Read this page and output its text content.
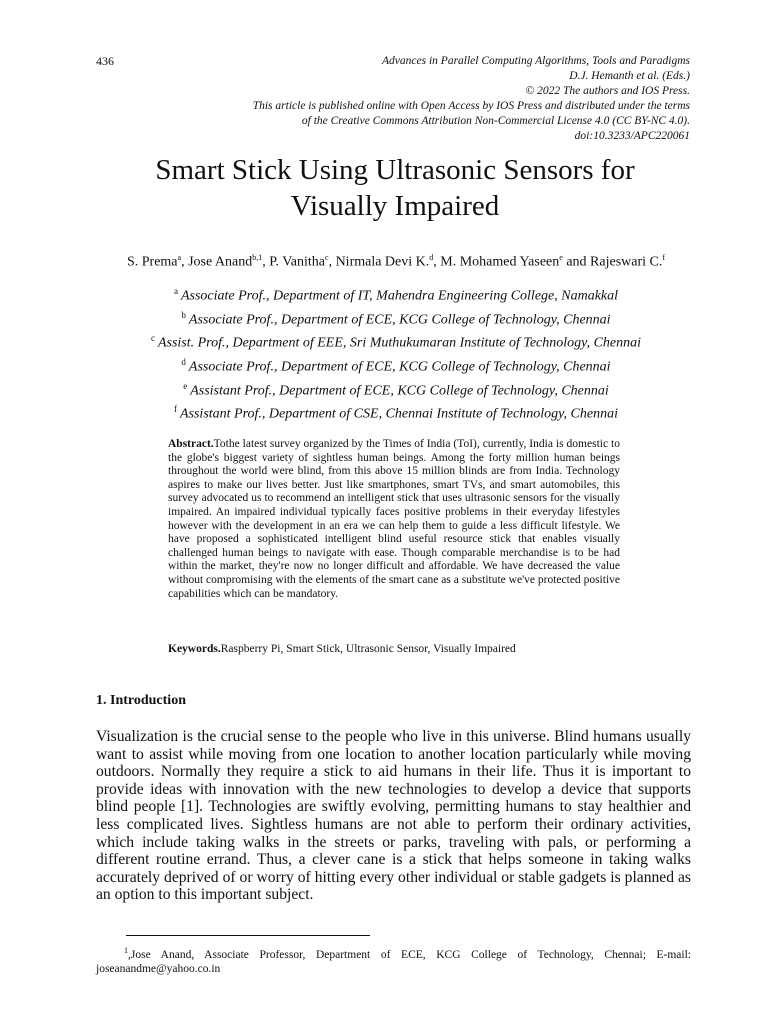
436	Advances in Parallel Computing Algorithms, Tools and Paradigms
D.J. Hemanth et al. (Eds.)
© 2022 The authors and IOS Press.
This article is published online with Open Access by IOS Press and distributed under the terms
of the Creative Commons Attribution Non-Commercial License 4.0 (CC BY-NC 4.0).
doi:10.3233/APC220061
Smart Stick Using Ultrasonic Sensors for
Visually Impaired
S. Prema$^a$, Jose Anand$^{b,1}$, P. Vanitha$^c$, Nirmala Devi K.$^d$, M. Mohamed Yaseen$^e$ and Rajeswari C.$^f$
$^a$ Associate Prof., Department of IT, Mahendra Engineering College, Namakkal
$^b$ Associate Prof., Department of ECE, KCG College of Technology, Chennai
$^c$ Assist. Prof., Department of EEE, Sri Muthukumaran Institute of Technology, Chennai
$^d$ Associate Prof., Department of ECE, KCG College of Technology, Chennai
$^e$ Assistant Prof., Department of ECE, KCG College of Technology, Chennai
$^f$ Assistant Prof., Department of CSE, Chennai Institute of Technology, Chennai
Abstract.Tothe latest survey organized by the Times of India (ToI), currently, India is domestic to the globe's biggest variety of sightless human beings. Among the forty million human beings throughout the world were blind, from this above 15 million blinds are from India. Technology aspires to make our lives better. Just like smartphones, smart TVs, and smart automobiles, this survey advocated us to recommend an intelligent stick that uses ultrasonic sensors for the visually impaired. An impaired individual typically faces positive problems in their everyday lifestyles however with the development in an era we can help them to guide a less difficult lifestyle. We have proposed a sophisticated intelligent blind useful resource stick that enables visually challenged human beings to navigate with ease. Though comparable merchandise is to be had within the market, they're now no longer difficult and affordable. We have decreased the value without compromising with the elements of the smart cane as a substitute we've protected positive capabilities which can be mandatory.
Keywords.Raspberry Pi, Smart Stick, Ultrasonic Sensor, Visually Impaired
1. Introduction
Visualization is the crucial sense to the people who live in this universe. Blind humans usually want to assist while moving from one location to another location particularly while moving outdoors. Normally they require a stick to aid humans in their life. Thus it is important to provide ideas with innovation with the new technologies to develop a device that supports blind people [1]. Technologies are swiftly evolving, permitting humans to stay healthier and less complicated lives. Sightless humans are not able to perform their ordinary activities, which include taking walks in the streets or parks, traveling with pals, or performing a different routine errand. Thus, a clever cane is a stick that helps someone in taking walks accurately deprived of or worry of hitting every other individual or stable gadgets is planned as an option to this important subject.
$^1$,Jose Anand, Associate Professor, Department of ECE, KCG College of Technology, Chennai; E-mail: joseanandme@yahoo.co.in
